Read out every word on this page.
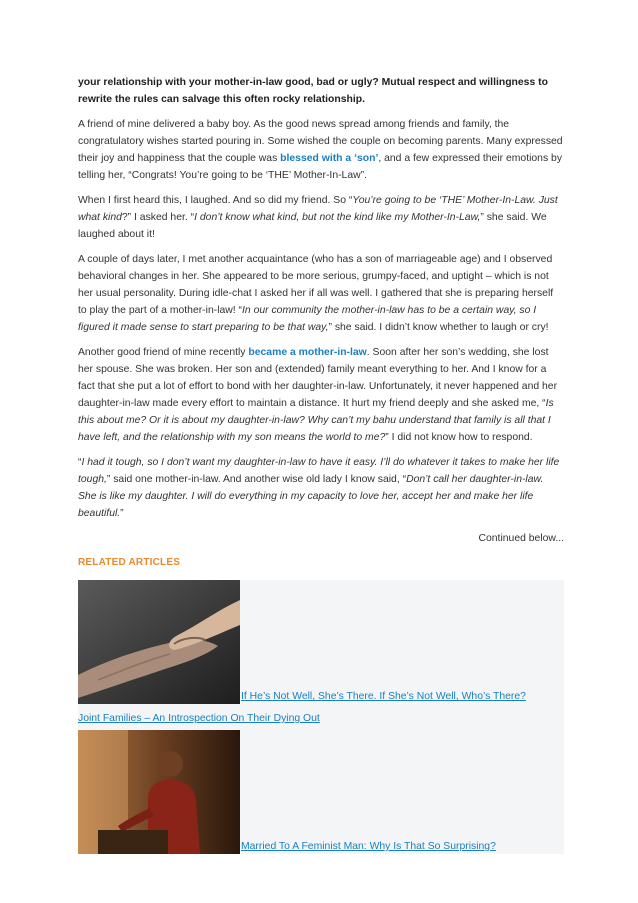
your relationship with your mother-in-law good, bad or ugly? Mutual respect and willingness to rewrite the rules can salvage this often rocky relationship.

A friend of mine delivered a baby boy. As the good news spread among friends and family, the congratulatory wishes started pouring in. Some wished the couple on becoming parents. Many expressed their joy and happiness that the couple was blessed with a ‘son’, and a few expressed their emotions by telling her, “Congrats! You’re going to be ‘THE’ Mother-In-Law”.

When I first heard this, I laughed. And so did my friend. So “You’re going to be ‘THE’ Mother-In-Law. Just what kind?” I asked her. “I don’t know what kind, but not the kind like my Mother-In-Law,” she said. We laughed about it!

A couple of days later, I met another acquaintance (who has a son of marriageable age) and I observed behavioral changes in her. She appeared to be more serious, grumpy-faced, and uptight – which is not her usual personality. During idle-chat I asked her if all was well. I gathered that she is preparing herself to play the part of a mother-in-law! “In our community the mother-in-law has to be a certain way, so I figured it made sense to start preparing to be that way,” she said. I didn’t know whether to laugh or cry!

Another good friend of mine recently became a mother-in-law. Soon after her son’s wedding, she lost her spouse. She was broken. Her son and (extended) family meant everything to her. And I know for a fact that she put a lot of effort to bond with her daughter-in-law. Unfortunately, it never happened and her daughter-in-law made every effort to maintain a distance. It hurt my friend deeply and she asked me, “Is this about me? Or it is about my daughter-in-law? Why can’t my bahu understand that family is all that I have left, and the relationship with my son means the world to me?” I did not know how to respond.

“I had it tough, so I don’t want my daughter-in-law to have it easy. I’ll do whatever it takes to make her life tough,” said one mother-in-law. And another wise old lady I know said, “Don’t call her daughter-in-law. She is like my daughter. I will do everything in my capacity to love her, accept her and make her life beautiful.”

Continued below...

RELATED ARTICLES
If He’s Not Well, She’s There. If She’s Not Well, Who’s There?
Joint Families – An Introspection On Their Dying Out
Married To A Feminist Man: Why Is That So Surprising?
